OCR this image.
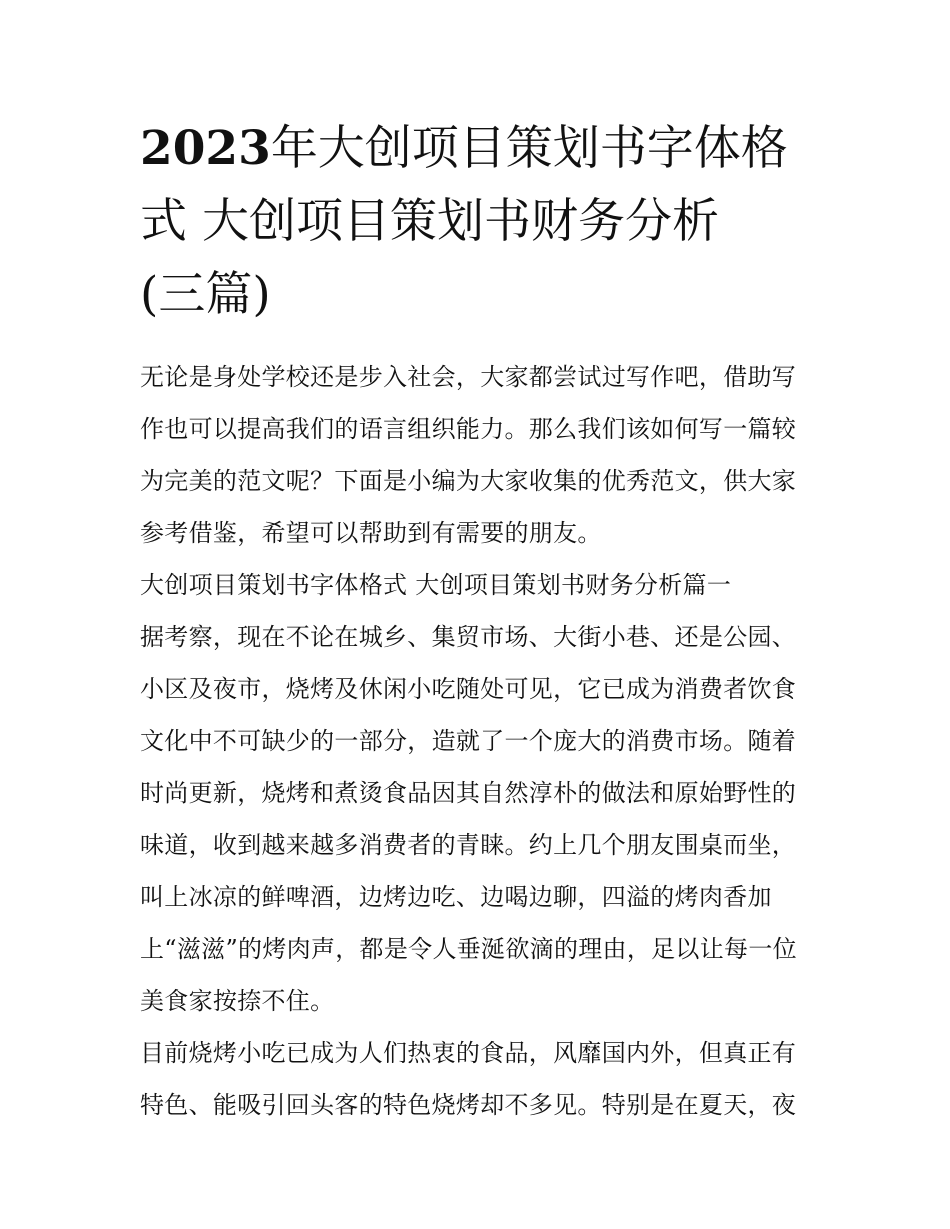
2023年大创项目策划书字体格
式 大创项目策划书财务分析
(三篇)

无论是身处学校还是步入社会，大家都尝试过写作吧，借助写

作也可以提高我们的语言组织能力。那么我们该如何写一篇较

为完美的范文呢？下面是小编为大家收集的优秀范文，供大家

参考借鉴，希望可以帮助到有需要的朋友。

大创项目策划书字体格式 大创项目策划书财务分析篇一

据考察，现在不论在城乡、集贸市场、大街小巷、还是公园、

小区及夜市，烧烤及休闲小吃随处可见，它已成为消费者饮食

文化中不可缺少的一部分，造就了一个庞大的消费市场。随着

时尚更新，烧烤和煮烫食品因其自然淳朴的做法和原始野性的

味道，收到越来越多消费者的青睐。约上几个朋友围桌而坐，

叫上冰凉的鲜啤酒，边烤边吃、边喝边聊，四溢的烤肉香加

上“滋滋”的烤肉声，都是令人垂涎欲滴的理由，足以让每一位

美食家按捺不住。

目前烧烤小吃已成为人们热衷的食品，风靡国内外，但真正有

特色、能吸引回头客的特色烧烤却不多见。特别是在夏天，夜
